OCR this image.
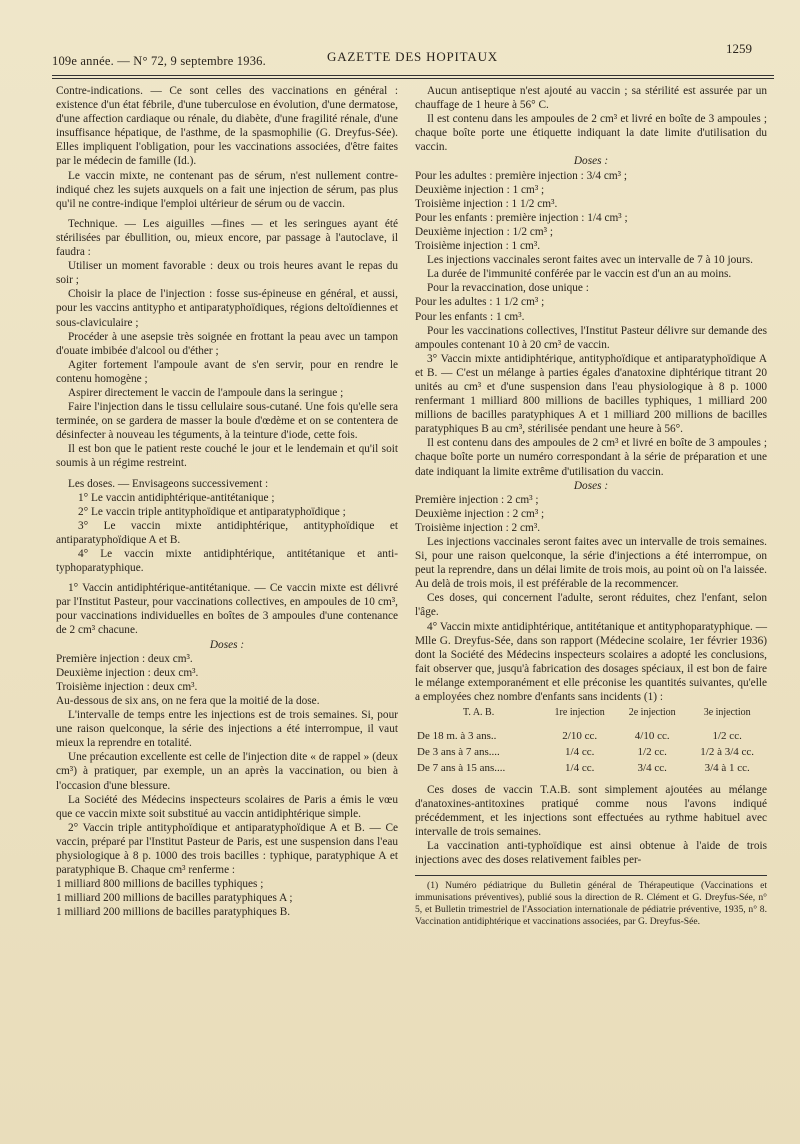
109e année. — N° 72, 9 septembre 1936.	GAZETTE DES HOPITAUX
1259

Contre-indications. — Ce sont celles des vaccinations en général : existence d'un état fébrile, d'une tuberculose en évolution, d'une dermatose, d'une affection cardiaque ou rénale, du diabète, d'une fragilité rénale, d'une insuffisance hépatique, de l'asthme, de la spasmophilie (G. Dreyfus-Sée). Elles impliquent l'obligation, pour les vaccinations associées, d'être faites par le médecin de famille (Id.).

Le vaccin mixte, ne contenant pas de sérum, n'est nullement contre-indiqué chez les sujets auxquels on a fait une injection de sérum, pas plus qu'il ne contre-indique l'emploi ultérieur de sérum ou de vaccin.

Technique. — Les aiguilles —fines — et les seringues ayant été stérilisées par ébullition, ou, mieux encore, par passage à l'autoclave, il faudra :

Utiliser un moment favorable : deux ou trois heures avant le repas du soir ;

Choisir la place de l'injection : fosse sus-épineuse en général, et aussi, pour les vaccins antitypho et antiparatyphoïdiques, régions deltoïdiennes et sous-claviculaire ;

Procéder à une asepsie très soignée en frottant la peau avec un tampon d'ouate imbibée d'alcool ou d'éther ;

Agiter fortement l'ampoule avant de s'en servir, pour en rendre le contenu homogène ;

Aspirer directement le vaccin de l'ampoule dans la seringue ;

Faire l'injection dans le tissu cellulaire sous-cutané. Une fois qu'elle sera terminée, on se gardera de masser la boule d'œdème et on se contentera de désinfecter à nouveau les téguments, à la teinture d'iode, cette fois.

Il est bon que le patient reste couché le jour et le lendemain et qu'il soit soumis à un régime restreint.

Les doses. — Envisageons successivement :

1° Le vaccin antidiphtérique-antitétanique ;

2° Le vaccin triple antityphoïdique et antiparatyphoïdique ;

3° Le vaccin mixte antidiphtérique, antityphoïdique et antiparatyphoïdique A et B.

4° Le vaccin mixte antidiphtérique, antitétanique et anti-typhoparatyphique.

1° Vaccin antidiphtérique-antitétanique. — Ce vaccin mixte est délivré par l'Institut Pasteur, pour vaccinations collectives, en ampoules de 10 cm³, pour vaccinations individuelles en boîtes de 3 ampoules d'une contenance de 2 cm³ chacune.

Doses :

Première injection : deux cm³.

Deuxième injection : deux cm³.

Troisième injection : deux cm³.

Au-dessous de six ans, on ne fera que la moitié de la dose.

L'intervalle de temps entre les injections est de trois semaines. Si, pour une raison quelconque, la série des injections a été interrompue, il vaut mieux la reprendre en totalité.

Une précaution excellente est celle de l'injection dite « de rappel » (deux cm³) à pratiquer, par exemple, un an après la vaccination, ou bien à l'occasion d'une blessure.

La Société des Médecins inspecteurs scolaires de Paris a émis le vœu que ce vaccin mixte soit substitué au vaccin antidiphtérique simple.

2° Vaccin triple antityphoïdique et antiparatyphoïdique A et B. — Ce vaccin, préparé par l'Institut Pasteur de Paris, est une suspension dans l'eau physiologique à 8 p. 1000 des trois bacilles : typhique, paratyphique A et paratyphique B. Chaque cm³ renferme :

1 milliard 800 millions de bacilles typhiques ;

1 milliard 200 millions de bacilles paratyphiques A ;

1 milliard 200 millions de bacilles paratyphiques B.

Aucun antiseptique n'est ajouté au vaccin ; sa stérilité est assurée par un chauffage de 1 heure à 56° C.

Il est contenu dans les ampoules de 2 cm³ et livré en boîte de 3 ampoules ; chaque boîte porte une étiquette indiquant la date limite d'utilisation du vaccin.

Doses :

Pour les adultes : première injection : 3/4 cm³ ;

Deuxième injection : 1 cm³ ;

Troisième injection : 1 1/2 cm³.

Pour les enfants : première injection : 1/4 cm³ ;

Deuxième injection : 1/2 cm³ ;

Troisième injection : 1 cm³.

Les injections vaccinales seront faites avec un intervalle de 7 à 10 jours.

La durée de l'immunité conférée par le vaccin est d'un an au moins.

Pour la revaccination, dose unique :

Pour les adultes : 1 1/2 cm³ ;

Pour les enfants : 1 cm³.

Pour les vaccinations collectives, l'Institut Pasteur délivre sur demande des ampoules contenant 10 à 20 cm³ de vaccin.

3° Vaccin mixte antidiphtérique, antityphoïdique et antiparatyphoïdique A et B. — C'est un mélange à parties égales d'anatoxine diphtérique titrant 20 unités au cm³ et d'une suspension dans l'eau physiologique à 8 p. 1000 renfermant 1 milliard 800 millions de bacilles typhiques, 1 milliard 200 millions de bacilles paratyphiques A et 1 milliard 200 millions de bacilles paratyphiques B au cm³, stérilisée pendant une heure à 56°.

Il est contenu dans des ampoules de 2 cm³ et livré en boîte de 3 ampoules ; chaque boîte porte un numéro correspondant à la série de préparation et une date indiquant la limite extrême d'utilisation du vaccin.

Doses :

Première injection : 2 cm³ ;

Deuxième injection : 2 cm³ ;

Troisième injection : 2 cm³.

Les injections vaccinales seront faites avec un intervalle de trois semaines. Si, pour une raison quelconque, la série d'injections a été interrompue, on peut la reprendre, dans un délai limite de trois mois, au point où on l'a laissée. Au delà de trois mois, il est préférable de la recommencer.

Ces doses, qui concernent l'adulte, seront réduites, chez l'enfant, selon l'âge.

4° Vaccin mixte antidiphtérique, antitétanique et antityphoparatyphique. — Mlle G. Dreyfus-Sée, dans son rapport (Médecine scolaire, 1er février 1936) dont la Société des Médecins inspecteurs scolaires a adopté les conclusions, fait observer que, jusqu'à fabrication des dosages spéciaux, il est bon de faire le mélange extemporanément et elle préconise les quantités suivantes, qu'elle a employées chez nombre d'enfants sans incidents (1) :

T. A. B.	1re injection	2e injection	3e injection
De 18 m. à 3 ans..	2/10 cc.	4/10 cc.	1/2 cc.
De 3 ans à 7 ans....	1/4 cc.	1/2 cc.	1/2 à 3/4 cc.
De 7 ans à 15 ans....	1/4 cc.	3/4 cc.	3/4 à 1 cc.

Ces doses de vaccin T.A.B. sont simplement ajoutées au mélange d'anatoxines-antitoxines pratiqué comme nous l'avons indiqué précédemment, et les injections sont effectuées au rythme habituel avec intervalle de trois semaines.

La vaccination anti-typhoïdique est ainsi obtenue à l'aide de trois injections avec des doses relativement faibles per-

(1) Numéro pédiatrique du Bulletin général de Thérapeutique (Vaccinations et immunisations préventives), publié sous la direction de R. Clément et G. Dreyfus-Sée, n° 5, et Bulletin trimestriel de l'Association internationale de pédiatrie préventive, 1935, n° 8. Vaccination antidiphtérique et vaccinations associées, par G. Dreyfus-Sée.
